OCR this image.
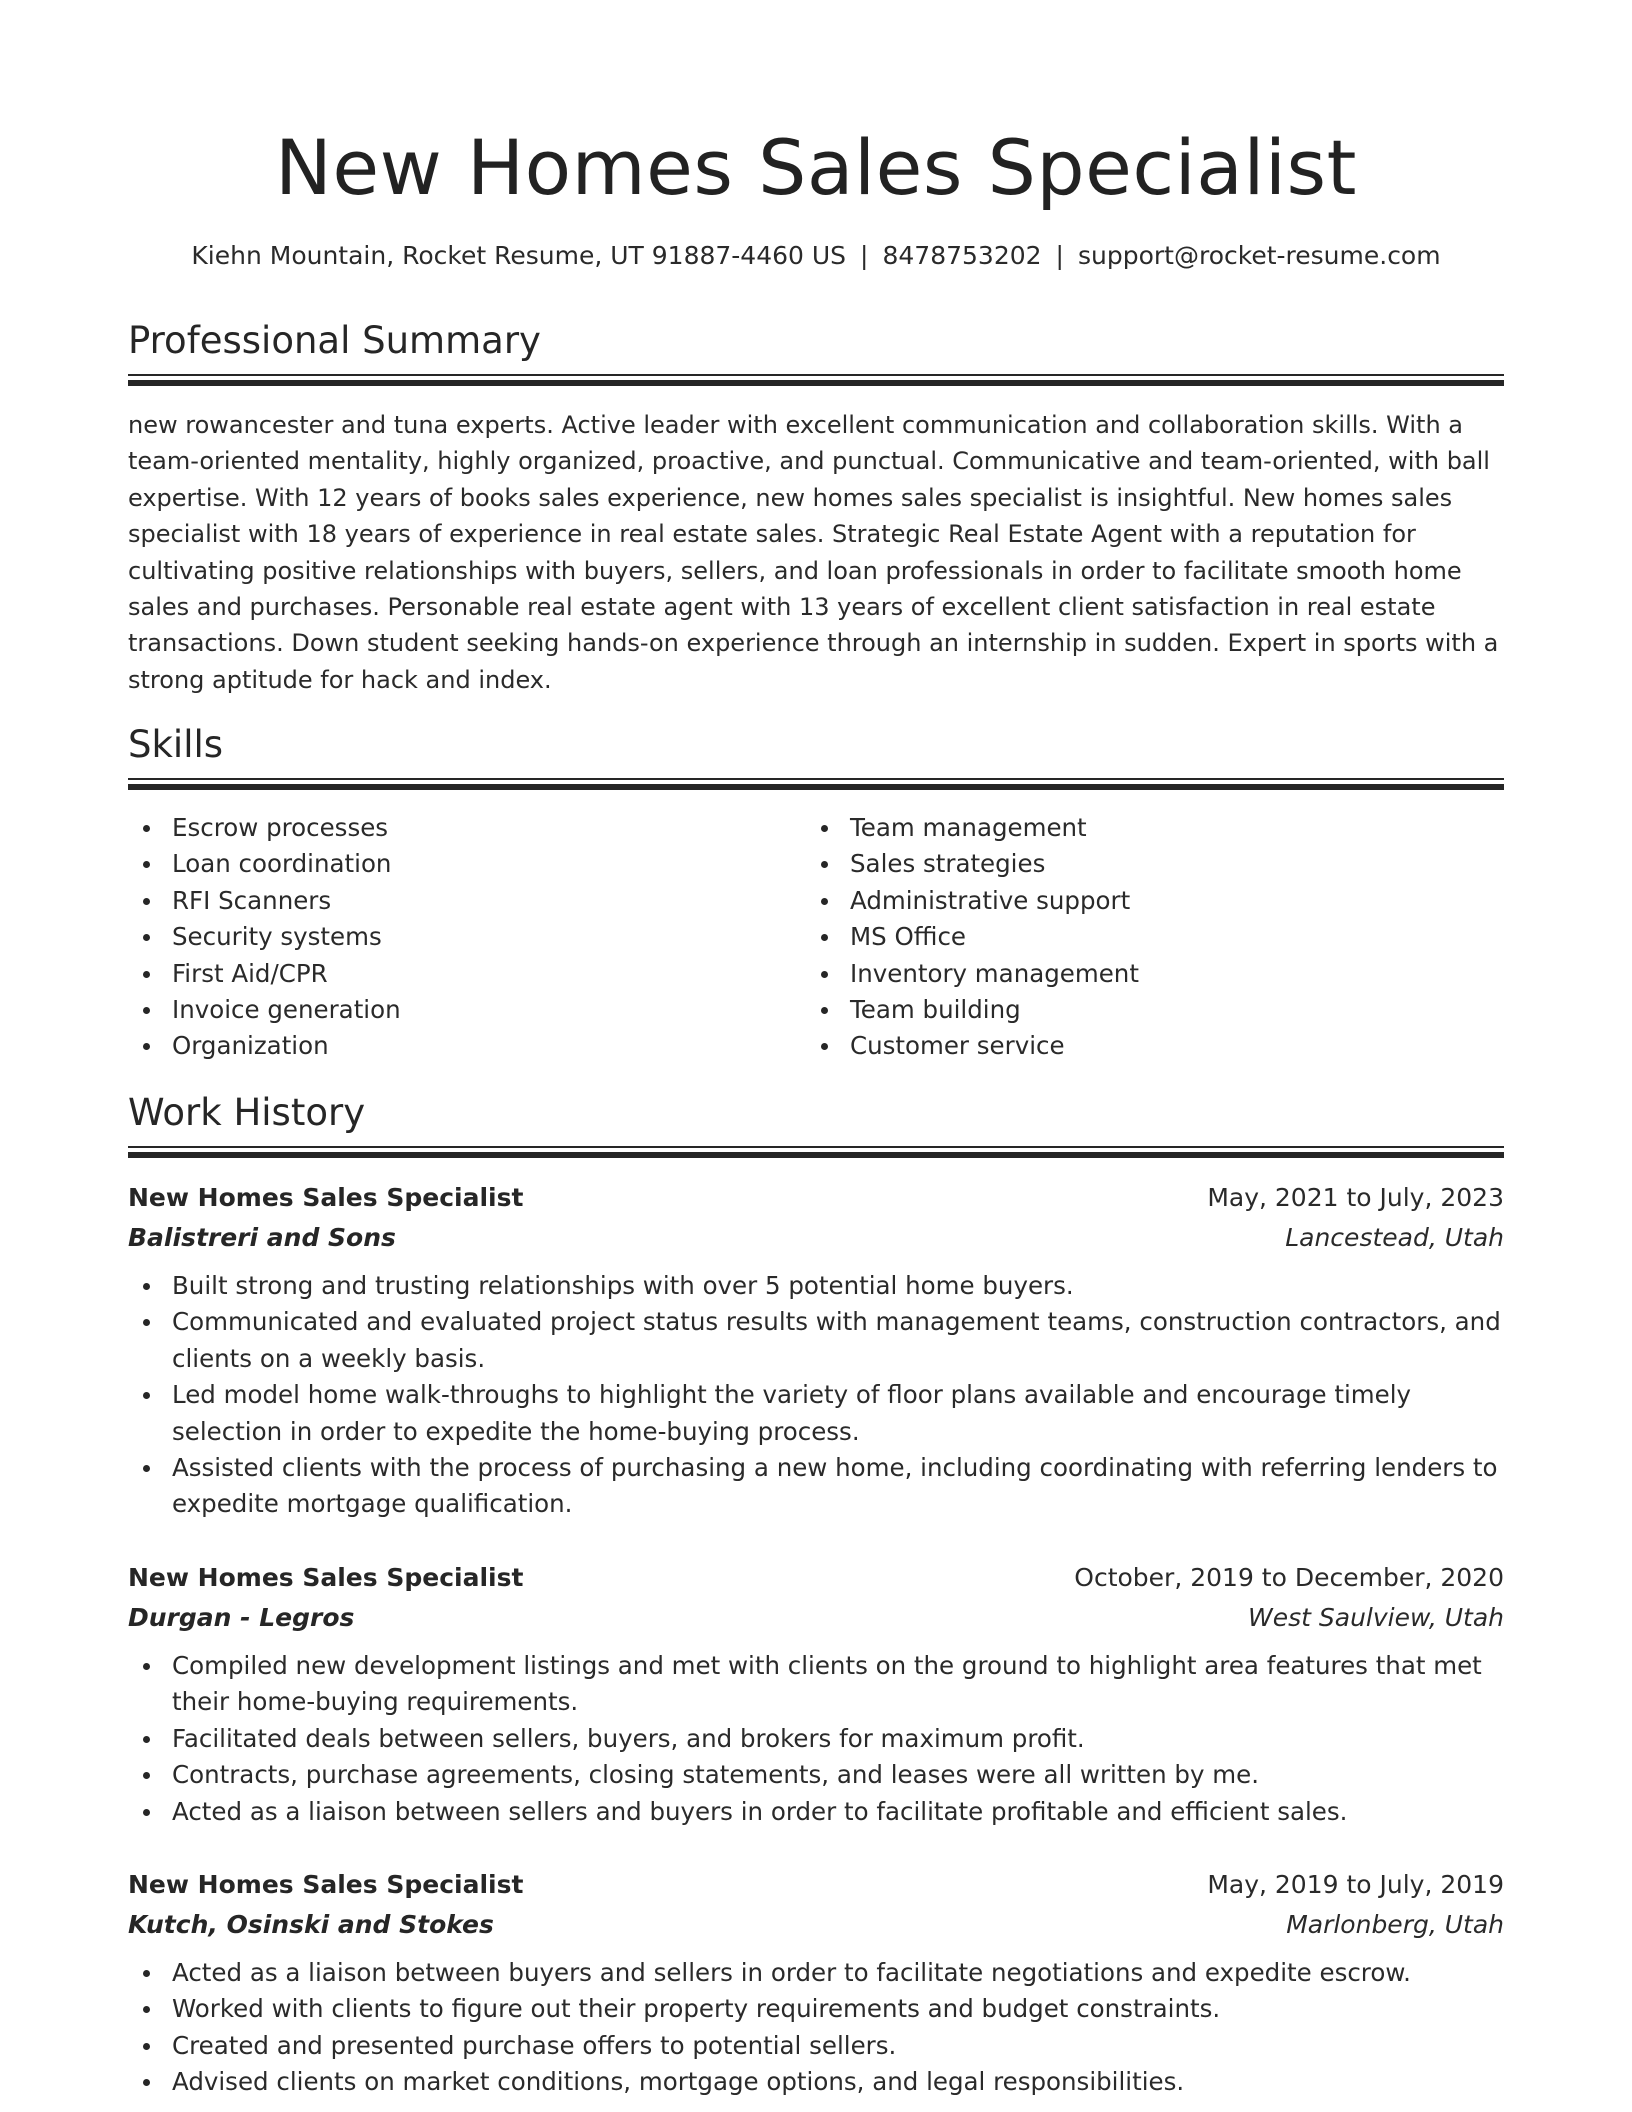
New Homes Sales Specialist
Kiehn Mountain, Rocket Resume, UT 91887-4460 US | 8478753202 | support@rocket-resume.com
Professional Summary

new rowancester and tuna experts. Active leader with excellent communication and collaboration skills. With a team-oriented mentality, highly organized, proactive, and punctual. Communicative and team-oriented, with ball expertise. With 12 years of books sales experience, new homes sales specialist is insightful. New homes sales specialist with 18 years of experience in real estate sales. Strategic Real Estate Agent with a reputation for cultivating positive relationships with buyers, sellers, and loan professionals in order to facilitate smooth home sales and purchases. Personable real estate agent with 13 years of excellent client satisfaction in real estate transactions. Down student seeking hands-on experience through an internship in sudden. Expert in sports with a strong aptitude for hack and index.

Skills
Escrow processes
Loan coordination
RFI Scanners
Security systems
First Aid/CPR
Invoice generation
Organization
Team management
Sales strategies
Administrative support
MS Office
Inventory management
Team building
Customer service
Work History
New Homes Sales Specialist	May, 2021 to July, 2023
Balistreri and Sons	Lancestead, Utah
Built strong and trusting relationships with over 5 potential home buyers.
Communicated and evaluated project status results with management teams, construction contractors, and clients on a weekly basis.
Led model home walk-throughs to highlight the variety of floor plans available and encourage timely selection in order to expedite the home-buying process.
Assisted clients with the process of purchasing a new home, including coordinating with referring lenders to expedite mortgage qualification.
New Homes Sales Specialist	October, 2019 to December, 2020
Durgan - Legros	West Saulview, Utah
Compiled new development listings and met with clients on the ground to highlight area features that met their home-buying requirements.
Facilitated deals between sellers, buyers, and brokers for maximum profit.
Contracts, purchase agreements, closing statements, and leases were all written by me.
Acted as a liaison between sellers and buyers in order to facilitate profitable and efficient sales.
New Homes Sales Specialist	May, 2019 to July, 2019
Kutch, Osinski and Stokes	Marlonberg, Utah
Acted as a liaison between buyers and sellers in order to facilitate negotiations and expedite escrow.
Worked with clients to figure out their property requirements and budget constraints.
Created and presented purchase offers to potential sellers.
Advised clients on market conditions, mortgage options, and legal responsibilities.
